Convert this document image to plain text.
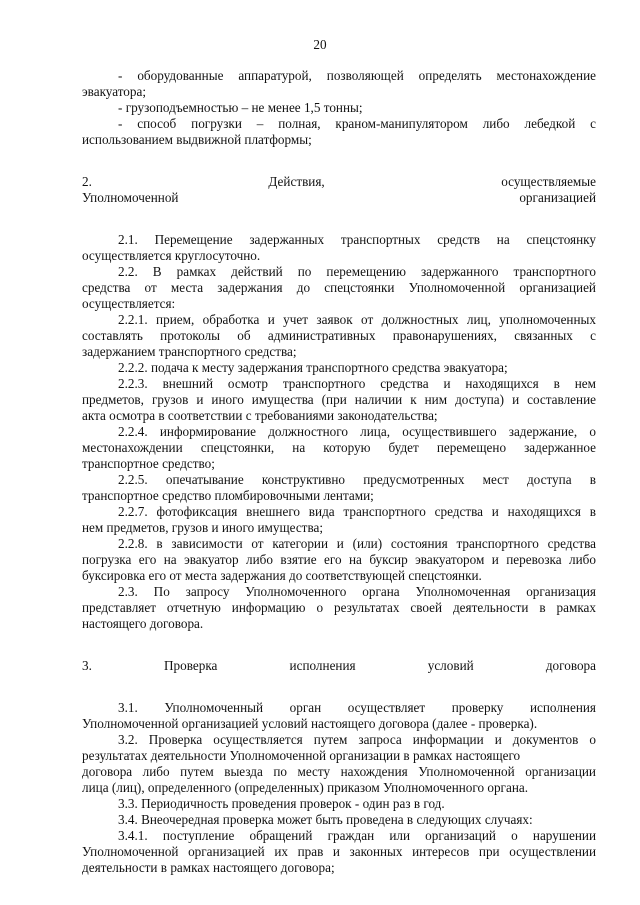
20

- оборудованные аппаратурой, позволяющей определять местонахождение

эвакуатора;

- грузоподъемностью – не менее 1,5 тонны;

- способ погрузки – полная, краном-манипулятором либо лебедкой с

использованием выдвижной платформы;

2. Действия, осуществляемые

Уполномоченной организацией

2.1. Перемещение задержанных транспортных средств на спецстоянку

осуществляется круглосуточно.

2.2. В рамках действий по перемещению задержанного транспортного

средства от места задержания до спецстоянки Уполномоченной организацией

осуществляется:

2.2.1. прием, обработка и учет заявок от должностных лиц, уполномоченных

составлять протоколы об административных правонарушениях, связанных с

задержанием транспортного средства;

2.2.2. подача к месту задержания транспортного средства эвакуатора;

2.2.3. внешний осмотр транспортного средства и находящихся в нем

предметов, грузов и иного имущества (при наличии к ним доступа) и составление

акта осмотра в соответствии с требованиями законодательства;

2.2.4. информирование должностного лица, осуществившего задержание, о

местонахождении спецстоянки, на которую будет перемещено задержанное

транспортное средство;

2.2.5. опечатывание конструктивно предусмотренных мест доступа в

транспортное средство пломбировочными лентами;

2.2.7. фотофиксация внешнего вида транспортного средства и находящихся в

нем предметов, грузов и иного имущества;

2.2.8. в зависимости от категории и (или) состояния транспортного средства

погрузка его на эвакуатор либо взятие его на буксир эвакуатором и перевозка либо

буксировка его от места задержания до соответствующей спецстоянки.

2.3. По запросу Уполномоченного органа Уполномоченная организация

представляет отчетную информацию о результатах своей деятельности в рамках

настоящего договора.

3. Проверка исполнения условий договора

3.1. Уполномоченный орган осуществляет проверку исполнения

Уполномоченной организацией условий настоящего договора (далее - проверка).

3.2. Проверка осуществляется путем запроса информации и документов о

результатах деятельности Уполномоченной организации в рамках настоящего

договора либо путем выезда по месту нахождения Уполномоченной организации

лица (лиц), определенного (определенных) приказом Уполномоченного органа.

3.3. Периодичность проведения проверок - один раз в год.

3.4. Внеочередная проверка может быть проведена в следующих случаях:

3.4.1. поступление обращений граждан или организаций о нарушении

Уполномоченной организацией их прав и законных интересов при осуществлении

деятельности в рамках настоящего договора;
